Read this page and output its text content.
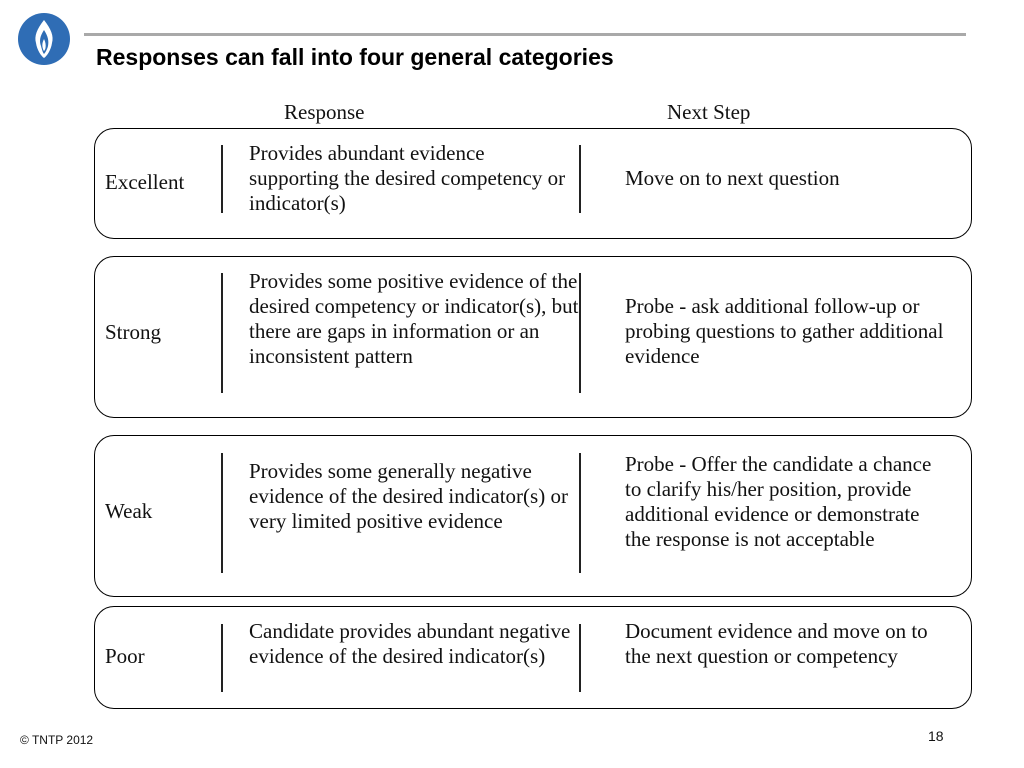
Responses can fall into four general categories
Response	Next Step
Excellent
Provides abundant evidence supporting the desired competency or indicator(s)
Move on to next question
Strong
Provides some positive evidence of the desired competency or indicator(s), but there are gaps in information or an inconsistent pattern
Probe - ask additional follow-up or probing questions to gather additional evidence
Weak
Provides some generally negative evidence of the desired indicator(s) or very limited positive evidence
Probe - Offer the candidate a chance to clarify his/her position, provide additional evidence or demonstrate the response is not acceptable
Poor
Candidate provides abundant negative evidence of the desired indicator(s)
Document evidence and move on to the next question or competency
© TNTP 2012	18
